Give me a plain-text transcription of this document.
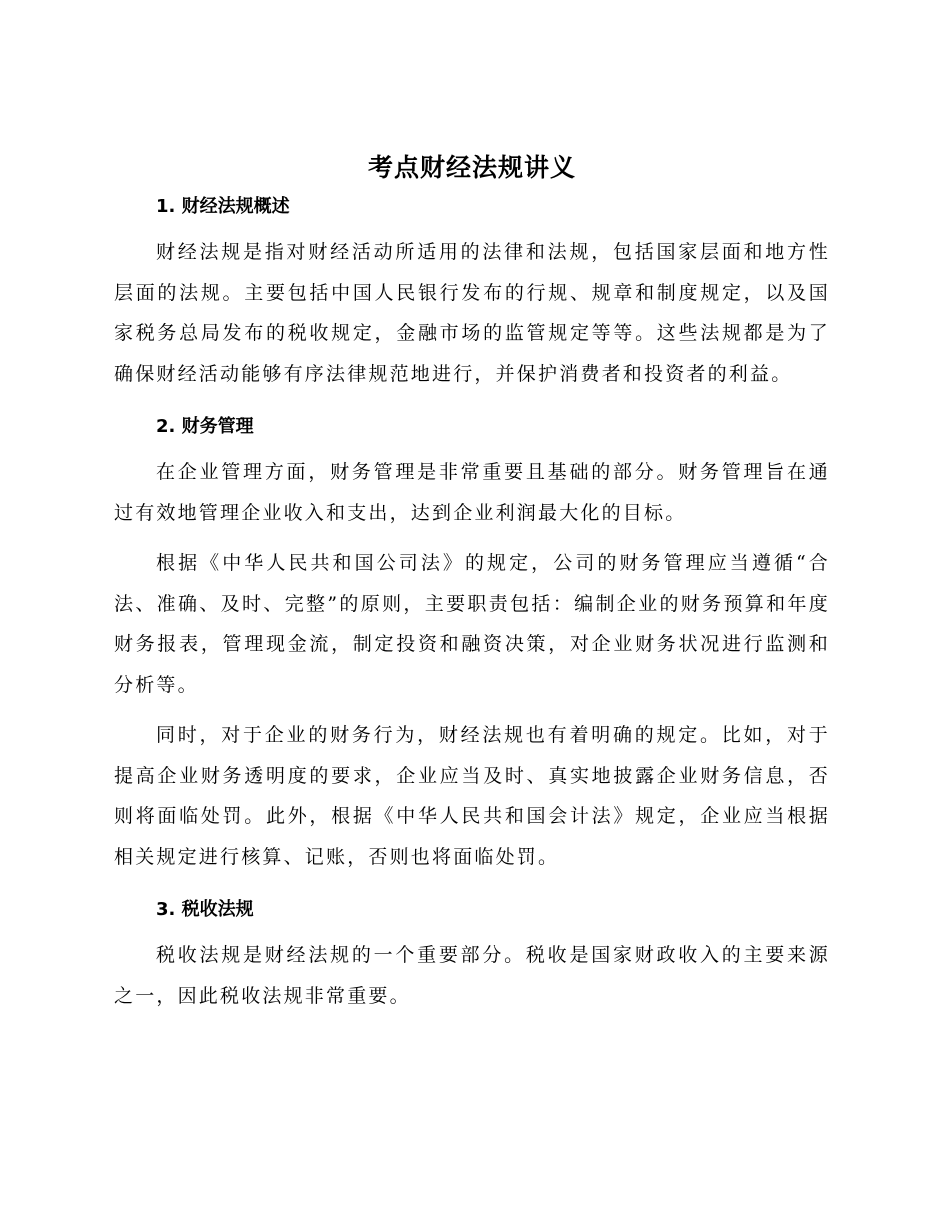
考点财经法规讲义
1. 财经法规概述

财经法规是指对财经活动所适用的法律和法规，包括国家层面和地方性层面的法规。主要包括中国人民银行发布的行规、规章和制度规定，以及国家税务总局发布的税收规定，金融市场的监管规定等等。这些法规都是为了确保财经活动能够有序法律规范地进行，并保护消费者和投资者的利益。

2. 财务管理

在企业管理方面，财务管理是非常重要且基础的部分。财务管理旨在通过有效地管理企业收入和支出，达到企业利润最大化的目标。

根据《中华人民共和国公司法》的规定，公司的财务管理应当遵循“合法、准确、及时、完整”的原则，主要职责包括：编制企业的财务预算和年度财务报表，管理现金流，制定投资和融资决策，对企业财务状况进行监测和分析等。

同时，对于企业的财务行为，财经法规也有着明确的规定。比如，对于提高企业财务透明度的要求，企业应当及时、真实地披露企业财务信息，否则将面临处罚。此外，根据《中华人民共和国会计法》规定，企业应当根据相关规定进行核算、记账，否则也将面临处罚。

3. 税收法规

税收法规是财经法规的一个重要部分。税收是国家财政收入的主要来源之一，因此税收法规非常重要。
